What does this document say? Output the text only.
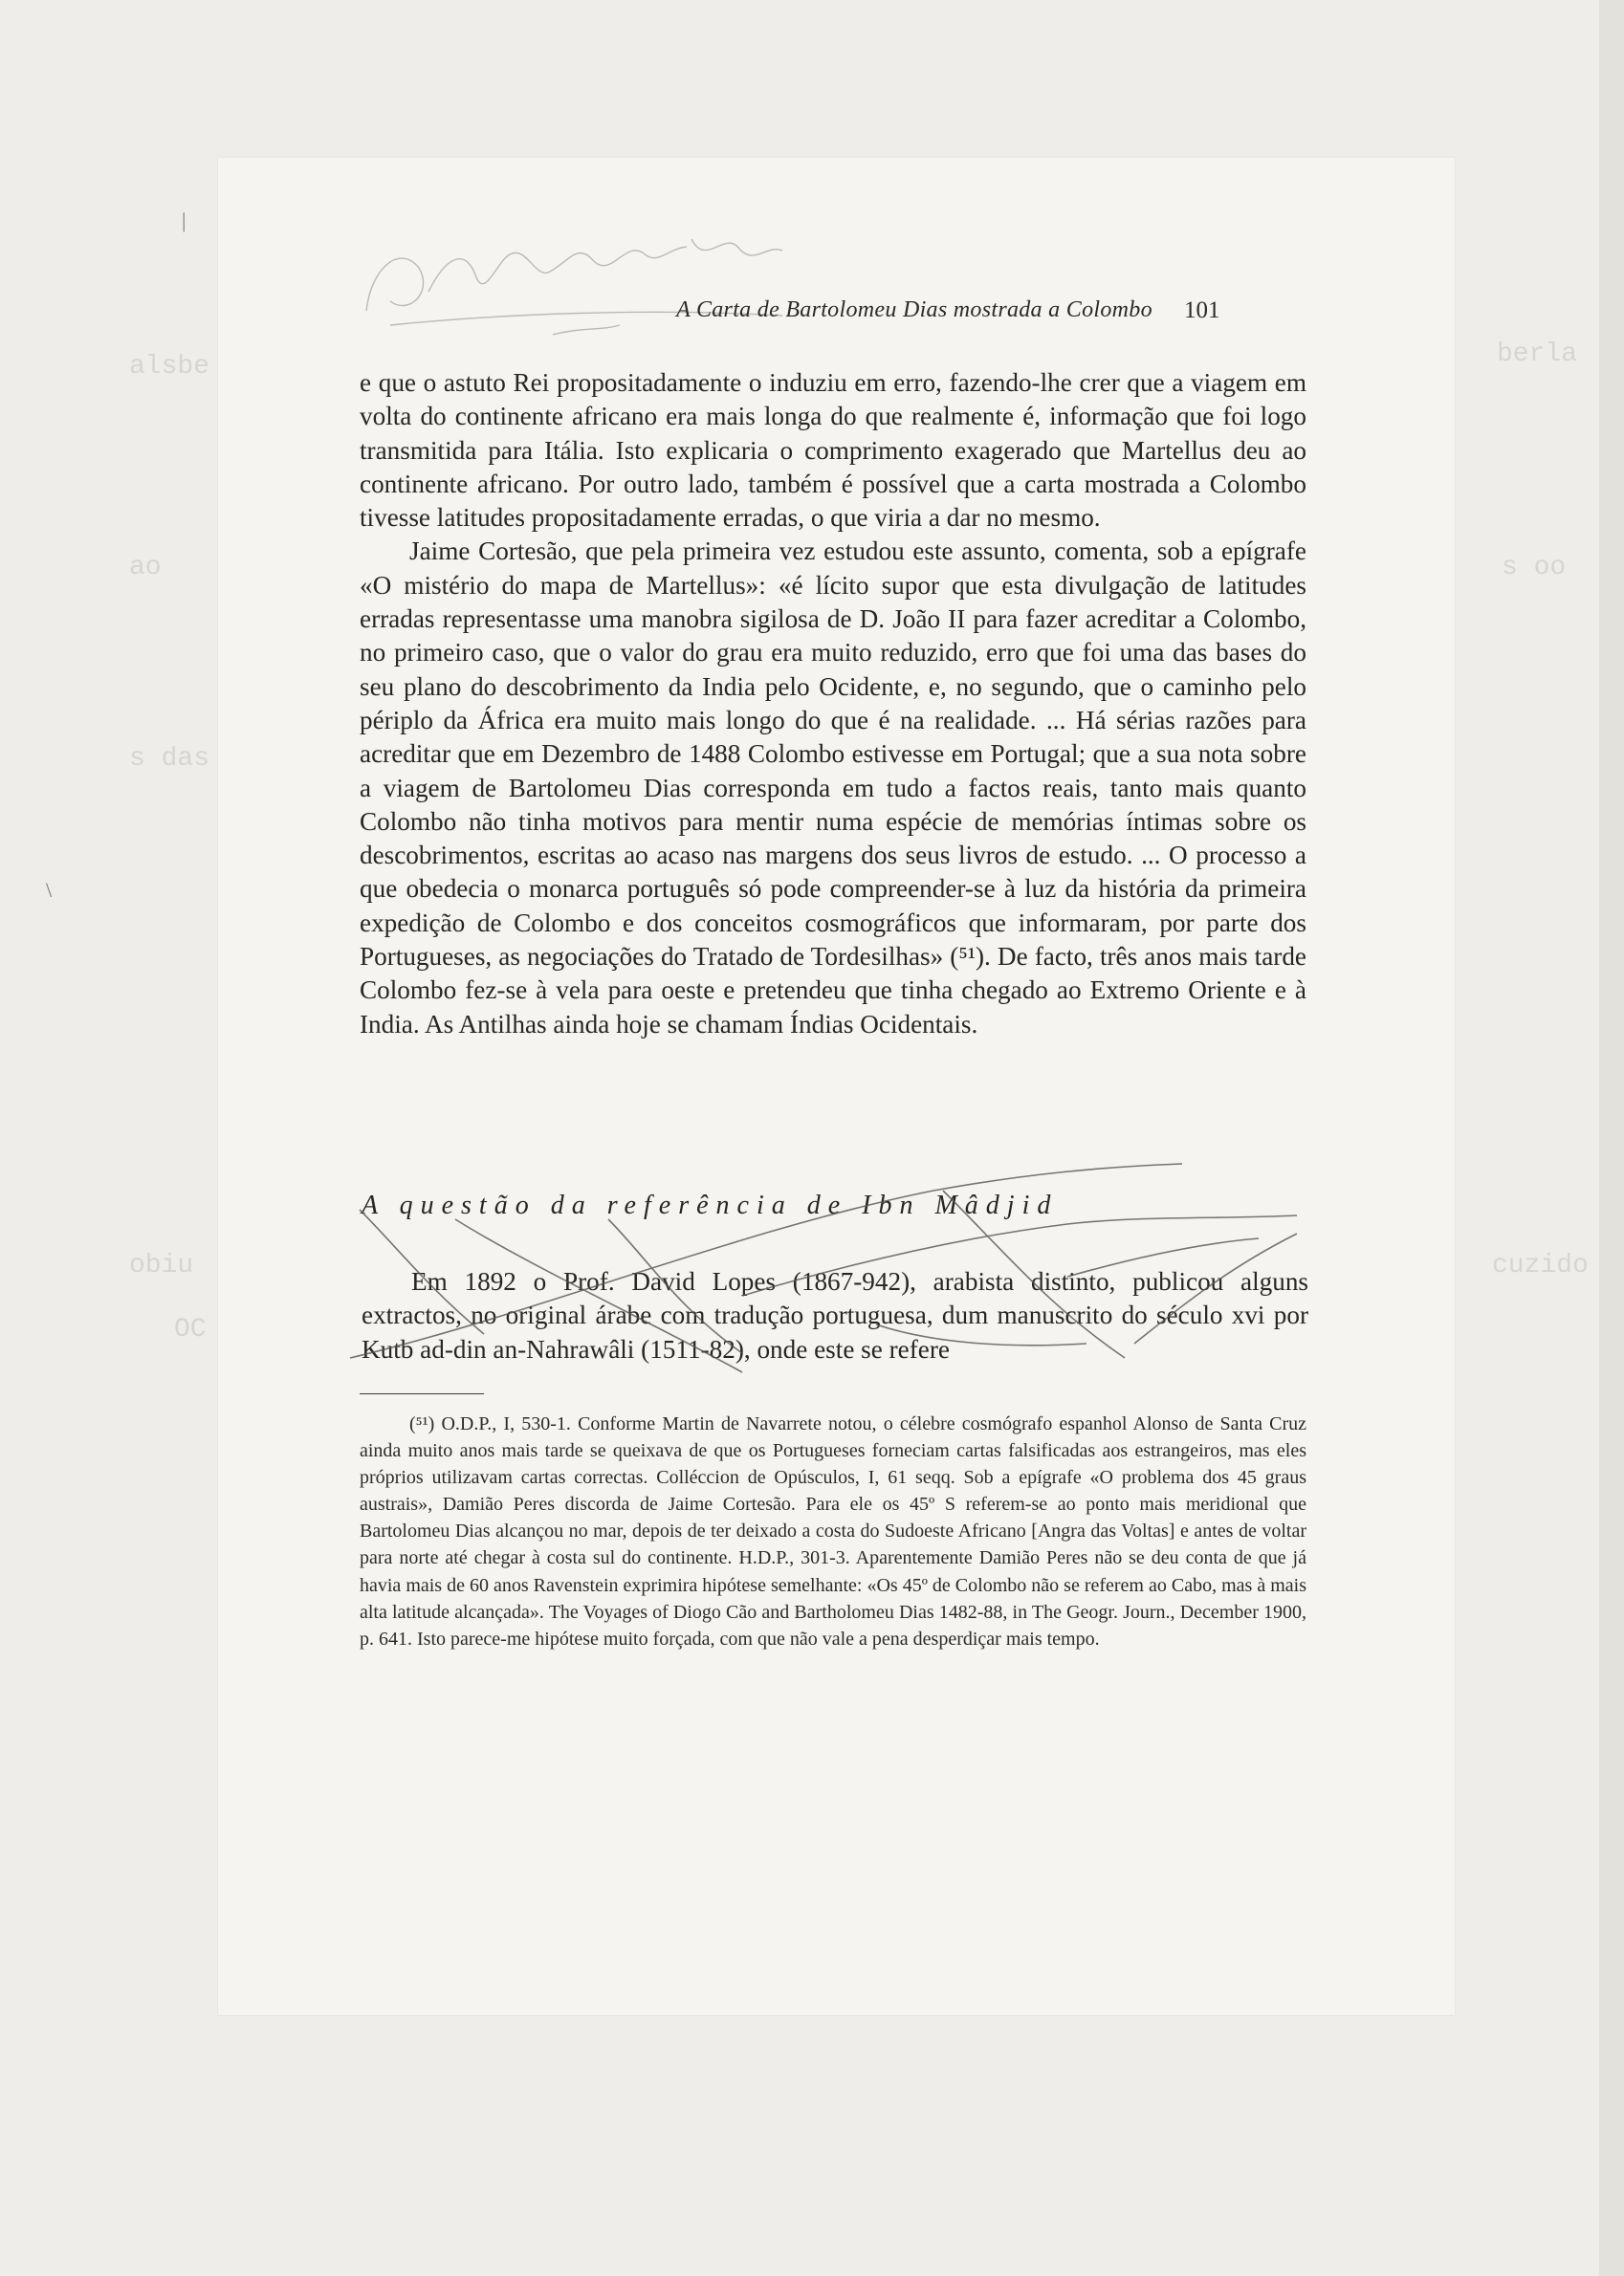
alsbe	berla
ao	s oo
s das
obiu	cuzido
OC
\
|
A Carta de Bartolomeu Dias mostrada a Colombo	101

e que o astuto Rei propositadamente o induziu em erro, fazendo-lhe crer que a viagem em volta do continente africano era mais longa do que realmente é, informação que foi logo transmitida para Itália. Isto explicaria o comprimento exagerado que Martellus deu ao continente africano. Por outro lado, também é possível que a carta mostrada a Colombo tivesse latitudes propositadamente erradas, o que viria a dar no mesmo.

Jaime Cortesão, que pela primeira vez estudou este assunto, comenta, sob a epígrafe «O mistério do mapa de Martellus»: «é lícito supor que esta divulgação de latitudes erradas representasse uma manobra sigilosa de D. João II para fazer acreditar a Colombo, no primeiro caso, que o valor do grau era muito reduzido, erro que foi uma das bases do seu plano do descobrimento da India pelo Ocidente, e, no segundo, que o caminho pelo périplo da África era muito mais longo do que é na realidade. ... Há sérias razões para acreditar que em Dezembro de 1488 Colombo estivesse em Portugal; que a sua nota sobre a viagem de Bartolomeu Dias corresponda em tudo a factos reais, tanto mais quanto Colombo não tinha motivos para mentir numa espécie de memórias íntimas sobre os descobrimentos, escritas ao acaso nas margens dos seus livros de estudo. ... O processo a que obedecia o monarca português só pode compreender-se à luz da história da primeira expedição de Colombo e dos conceitos cosmográficos que informaram, por parte dos Portugueses, as negociações do Tratado de Tordesilhas» (⁵¹). De facto, três anos mais tarde Colombo fez-se à vela para oeste e pretendeu que tinha chegado ao Extremo Oriente e à India. As Antilhas ainda hoje se chamam Índias Ocidentais.

A questão da referência de Ibn Mâdjid

Em 1892 o Prof. David Lopes (1867-942), arabista distinto, publicou alguns extractos, no original árabe com tradução portuguesa, dum manuscrito do século xvi por Kutb ad-din an-Nahrawâli (1511-82), onde este se refere

(⁵¹) O.D.P., I, 530-1. Conforme Martin de Navarrete notou, o célebre cosmógrafo espanhol Alonso de Santa Cruz ainda muito anos mais tarde se queixava de que os Portugueses forneciam cartas falsificadas aos estrangeiros, mas eles próprios utilizavam cartas correctas. Colléccion de Opúsculos, I, 61 seqq. Sob a epígrafe «O problema dos 45 graus austrais», Damião Peres discorda de Jaime Cortesão. Para ele os 45º S referem-se ao ponto mais meridional que Bartolomeu Dias alcançou no mar, depois de ter deixado a costa do Sudoeste Africano [Angra das Voltas] e antes de voltar para norte até chegar à costa sul do continente. H.D.P., 301-3. Aparentemente Damião Peres não se deu conta de que já havia mais de 60 anos Ravenstein exprimira hipótese semelhante: «Os 45º de Colombo não se referem ao Cabo, mas à mais alta latitude alcançada». The Voyages of Diogo Cão and Bartholomeu Dias 1482-88, in The Geogr. Journ., December 1900, p. 641. Isto parece-me hipótese muito forçada, com que não vale a pena desperdiçar mais tempo.
